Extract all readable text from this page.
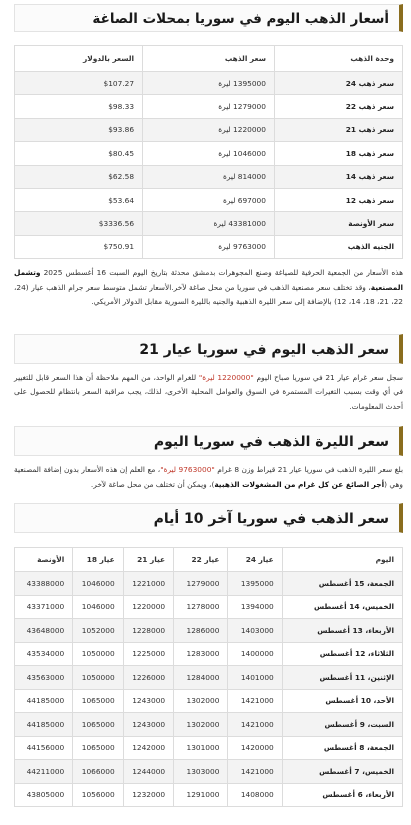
أسعار الذهب اليوم في سوريا بمحلات الصاغة
وحدة الذهب	سعر الذهب	السعر بالدولار
سعر ذهب 24	1395000 ليرة	$107.27
سعر ذهب 22	1279000 ليرة	$98.33
سعر ذهب 21	1220000 ليرة	$93.86
سعر ذهب 18	1046000 ليرة	$80.45
سعر ذهب 14	814000 ليرة	$62.58
سعر ذهب 12	697000 ليرة	$53.64
سعر الأونصة	43381000 ليرة	$3336.56
الجنيه الذهب	9763000 ليرة	$750.91

هذه الأسعار من الجمعية الحرفية للصياغة وصنع المجوهرات بدمشق محدثة بتاريخ اليوم السبت 16 أغسطس 2025 وتشمل المصنعية، وقد تختلف سعر مصنعية الذهب في سوريا من محل صاغة لآخر.الأسعار تشمل متوسط سعر جرام الذهب عيار (24، 22، 21، 18، 14، 12) بالإضافة إلى سعر الليرة الذهبية والجنيه بالليرة السورية مقابل الدولار الأمريكي.

سعر الذهب اليوم في سوريا عيار 21

سجل سعر غرام عيار 21 في سوريا صباح اليوم "1220000 ليرة" للغرام الواحد، من المهم ملاحظة أن هذا السعر قابل للتغيير في أي وقت بسبب التغيرات المستمرة في السوق والعوامل المحلية الأخرى، لذلك، يجب مراقبة السعر بانتظام للحصول على أحدث المعلومات.

سعر الليرة الذهب في سوريا اليوم

بلغ سعر الليرة الذهب في سوريا عيار 21 قيراط وزن 8 غرام "9763000 ليرة"، مع العلم إن هذه الأسعار بدون إضافة المصنعية وهي (أجر الصائغ عن كل غرام من المشغولات الذهبية)، ويمكن أن تختلف من محل صاغة لآخر.

سعر الذهب في سوريا آخر 10 أيام
اليوم	عيار 24	عيار 22	عيار 21	عيار 18	الأونصة
الجمعة، 15 أغسطس	1395000	1279000	1221000	1046000	43388000
الخميس، 14 أغسطس	1394000	1278000	1220000	1046000	43371000
الأربعاء، 13 أغسطس	1403000	1286000	1228000	1052000	43648000
الثلاثاء، 12 أغسطس	1400000	1283000	1225000	1050000	43534000
الإثنين، 11 أغسطس	1401000	1284000	1226000	1050000	43563000
الأحد، 10 أغسطس	1421000	1302000	1243000	1065000	44185000
السبت، 9 أغسطس	1421000	1302000	1243000	1065000	44185000
الجمعة، 8 أغسطس	1420000	1301000	1242000	1065000	44156000
الخميس، 7 أغسطس	1421000	1303000	1244000	1066000	44211000
الأربعاء، 6 أغسطس	1408000	1291000	1232000	1056000	43805000
